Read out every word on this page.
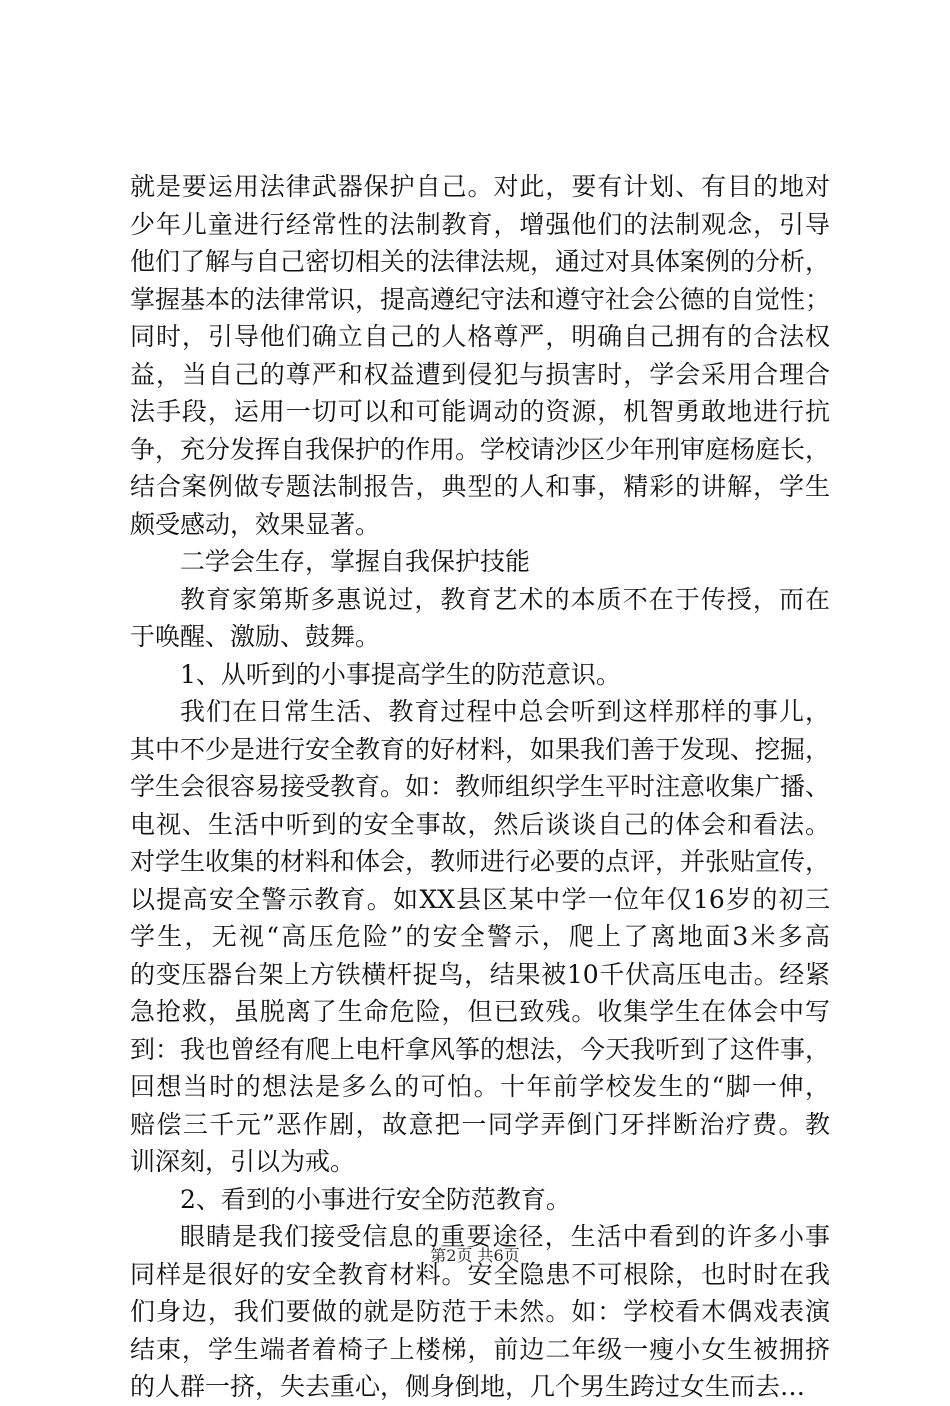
就是要运用法律武器保护自己。对此，要有计划、有目的地对
少年儿童进行经常性的法制教育，增强他们的法制观念，引导
他们了解与自己密切相关的法律法规，通过对具体案例的分析，
掌握基本的法律常识，提高遵纪守法和遵守社会公德的自觉性；
同时，引导他们确立自己的人格尊严，明确自己拥有的合法权
益，当自己的尊严和权益遭到侵犯与损害时，学会采用合理合
法手段，运用一切可以和可能调动的资源，机智勇敢地进行抗
争，充分发挥自我保护的作用。学校请沙区少年刑审庭杨庭长，
结合案例做专题法制报告，典型的人和事，精彩的讲解，学生
颇受感动，效果显著。
二学会生存，掌握自我保护技能
教育家第斯多惠说过，教育艺术的本质不在于传授，而在
于唤醒、激励、鼓舞。
1、从听到的小事提高学生的防范意识。
我们在日常生活、教育过程中总会听到这样那样的事儿，
其中不少是进行安全教育的好材料，如果我们善于发现、挖掘，
学生会很容易接受教育。如：教师组织学生平时注意收集广播、
电视、生活中听到的安全事故，然后谈谈自己的体会和看法。
对学生收集的材料和体会，教师进行必要的点评，并张贴宣传，
以提高安全警示教育。如XX县区某中学一位年仅16岁的初三
学生，无视“高压危险”的安全警示，爬上了离地面3米多高
的变压器台架上方铁横杆捉鸟，结果被10千伏高压电击。经紧
急抢救，虽脱离了生命危险，但已致残。收集学生在体会中写
到：我也曾经有爬上电杆拿风筝的想法，今天我听到了这件事，
回想当时的想法是多么的可怕。十年前学校发生的“脚一伸，
赔偿三千元”恶作剧，故意把一同学弄倒门牙拌断治疗费。教
训深刻，引以为戒。
2、看到的小事进行安全防范教育。
眼睛是我们接受信息的重要途径，生活中看到的许多小事
同样是很好的安全教育材料。安全隐患不可根除，也时时在我
们身边，我们要做的就是防范于未然。如：学校看木偶戏表演
结束，学生端者着椅子上楼梯，前边二年级一瘦小女生被拥挤
的人群一挤，失去重心，侧身倒地，几个男生跨过女生而去…
第2页 共6页
